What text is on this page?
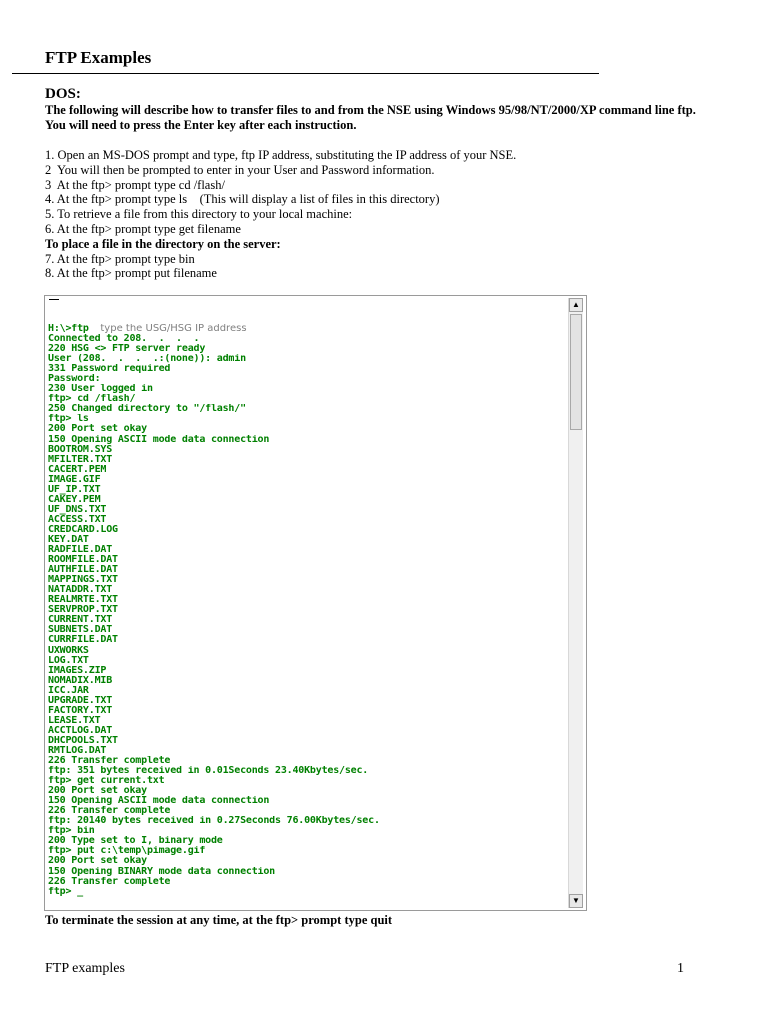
FTP Examples
DOS:
The following will describe how to transfer files to and from the NSE using Windows 95/98/NT/2000/XP command line ftp.
You will need to press the Enter key after each instruction.
1. Open an MS-DOS prompt and type, ftp IP address, substituting the IP address of your NSE.
2  You will then be prompted to enter in your User and Password information.
3  At the ftp> prompt type cd /flash/
4. At the ftp> prompt type ls    (This will display a list of files in this directory)
5. To retrieve a file from this directory to your local machine:
6. At the ftp> prompt type get filename
To place a file in the directory on the server:
7. At the ftp> prompt type bin
8. At the ftp> prompt put filename
H:\>ftp  type the USG/HSG IP address
Connected to 208.  .  .  .
220 HSG <> FTP server ready
User (208.  .  .  .:(none)): admin
331 Password required
Password:
230 User logged in
ftp> cd /flash/
250 Changed directory to "/flash/"
ftp> ls
200 Port set okay
150 Opening ASCII mode data connection
BOOTROM.SYS
MFILTER.TXT
CACERT.PEM
IMAGE.GIF
UF_IP.TXT
CAKEY.PEM
UF_DNS.TXT
ACCESS.TXT
CREDCARD.LOG
KEY.DAT
RADFILE.DAT
ROOMFILE.DAT
AUTHFILE.DAT
MAPPINGS.TXT
NATADDR.TXT
REALMRTE.TXT
SERVPROP.TXT
CURRENT.TXT
SUBNETS.DAT
CURRFILE.DAT
UXWORKS
LOG.TXT
IMAGES.ZIP
NOMADIX.MIB
ICC.JAR
UPGRADE.TXT
FACTORY.TXT
LEASE.TXT
ACCTLOG.DAT
DHCPOOLS.TXT
RMTLOG.DAT
226 Transfer complete
ftp: 351 bytes received in 0.01Seconds 23.40Kbytes/sec.
ftp> get current.txt
200 Port set okay
150 Opening ASCII mode data connection
226 Transfer complete
ftp: 20140 bytes received in 0.27Seconds 76.00Kbytes/sec.
ftp> bin
200 Type set to I, binary mode
ftp> put c:\temp\pimage.gif
200 Port set okay
150 Opening BINARY mode data connection
226 Transfer complete
ftp> _
▲
▼
To terminate the session at any time, at the ftp> prompt type quit
FTP examples	1
